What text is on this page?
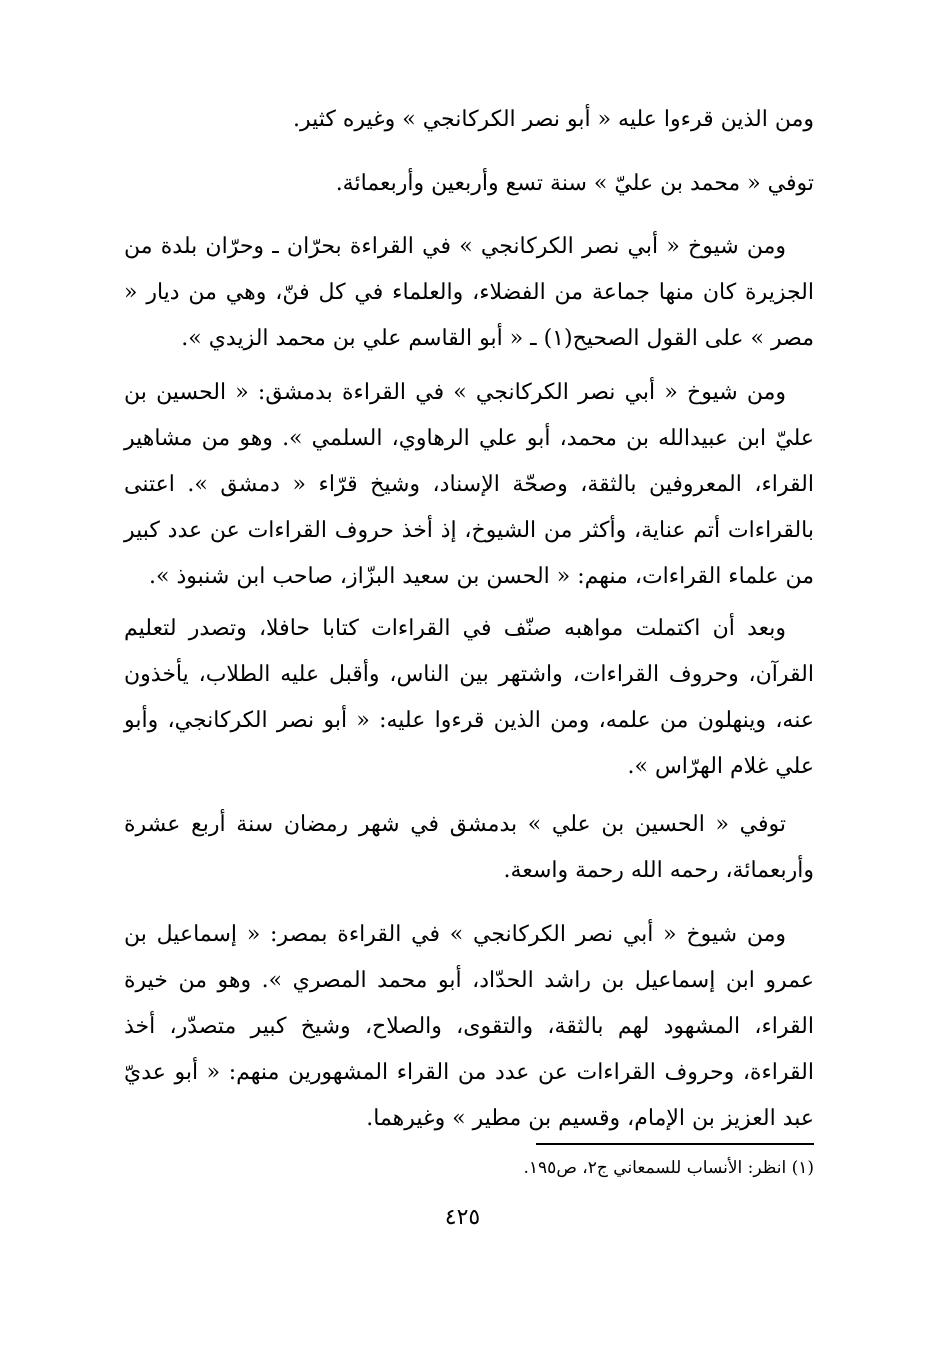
ومن الذين قرءوا عليه « أبو نصر الكركانجي » وغيره كثير.

توفي « محمد بن عليّ » سنة تسع وأربعين وأربعمائة.

ومن شيوخ « أبي نصر الكركانجي » في القراءة بحرّان ـ وحرّان بلدة من الجزيرة كان منها جماعة من الفضلاء، والعلماء في كل فنّ، وهي من ديار « مصر » على القول الصحيح(١) ـ « أبو القاسم علي بن محمد الزيدي ».

ومن شيوخ « أبي نصر الكركانجي » في القراءة بدمشق: « الحسين بن عليّ ابن عبيدالله بن محمد، أبو علي الرهاوي، السلمي ». وهو من مشاهير القراء، المعروفين بالثقة، وصحّة الإسناد، وشيخ قرّاء « دمشق ». اعتنى بالقراءات أتم عناية، وأكثر من الشيوخ، إذ أخذ حروف القراءات عن عدد كبير من علماء القراءات، منهم: « الحسن بن سعيد البزّاز، صاحب ابن شنبوذ ».

وبعد أن اكتملت مواهبه صنّف في القراءات كتابا حافلا، وتصدر لتعليم القرآن، وحروف القراءات، واشتهر بين الناس، وأقبل عليه الطلاب، يأخذون عنه، وينهلون من علمه، ومن الذين قرءوا عليه: « أبو نصر الكركانجي، وأبو علي غلام الهرّاس ».

توفي « الحسين بن علي » بدمشق في شهر رمضان سنة أربع عشرة وأربعمائة، رحمه الله رحمة واسعة.

ومن شيوخ « أبي نصر الكركانجي » في القراءة بمصر: « إسماعيل بن عمرو ابن إسماعيل بن راشد الحدّاد، أبو محمد المصري ». وهو من خيرة القراء، المشهود لهم بالثقة، والتقوى، والصلاح، وشيخ كبير متصدّر، أخذ القراءة، وحروف القراءات عن عدد من القراء المشهورين منهم: « أبو عديّ عبد العزيز بن الإمام، وقسيم بن مطير » وغيرهما.

(١) انظر: الأنساب للسمعاني ج٢، ص١٩٥.
٤٢٥
